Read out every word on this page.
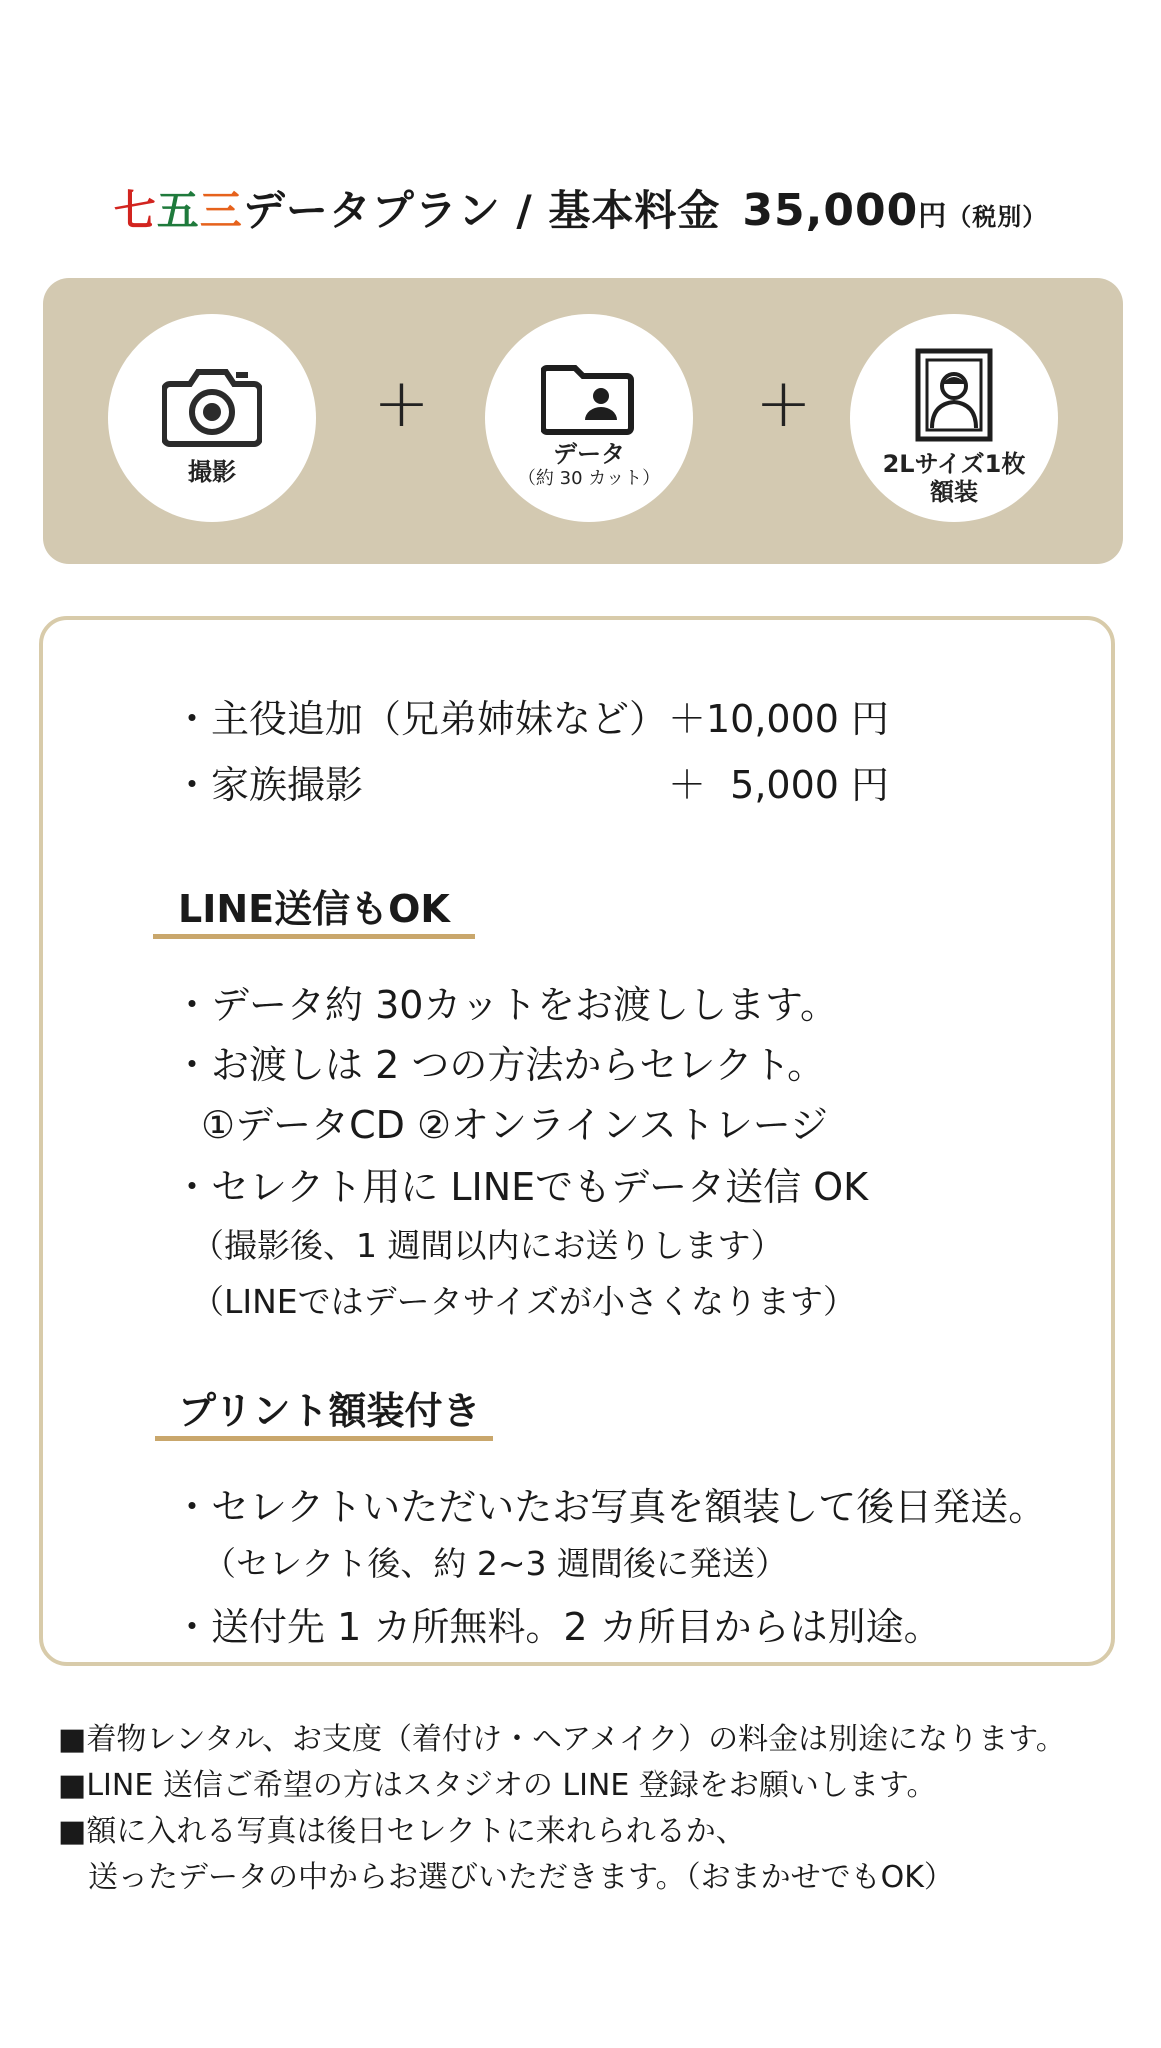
七五三データプラン / 基本料金 35,000円（税別）
撮影
+
データ
（約 30 カット）
+
2Lサイズ1枚
額装
・主役追加（兄弟姉妹など） ＋10,000 円
・家族撮影	＋  5,000 円
LINE送信もOK
・データ約 30カットをお渡しします。
・お渡しは 2 つの方法からセレクト。
①データCD ②オンラインストレージ
・セレクト用に LINEでもデータ送信 OK
（撮影後、1 週間以内にお送りします）
（LINEではデータサイズが小さくなります）
プリント額装付き
・セレクトいただいたお写真を額装して後日発送。
（セレクト後、約 2~3 週間後に発送）
・送付先 1 カ所無料。2 カ所目からは別途。
■着物レンタル、お支度（着付け・ヘアメイク）の料金は別途になります。
■LINE 送信ご希望の方はスタジオの LINE 登録をお願いします。
■額に入れる写真は後日セレクトに来れられるか、
送ったデータの中からお選びいただきます。（おまかせでもOK）
